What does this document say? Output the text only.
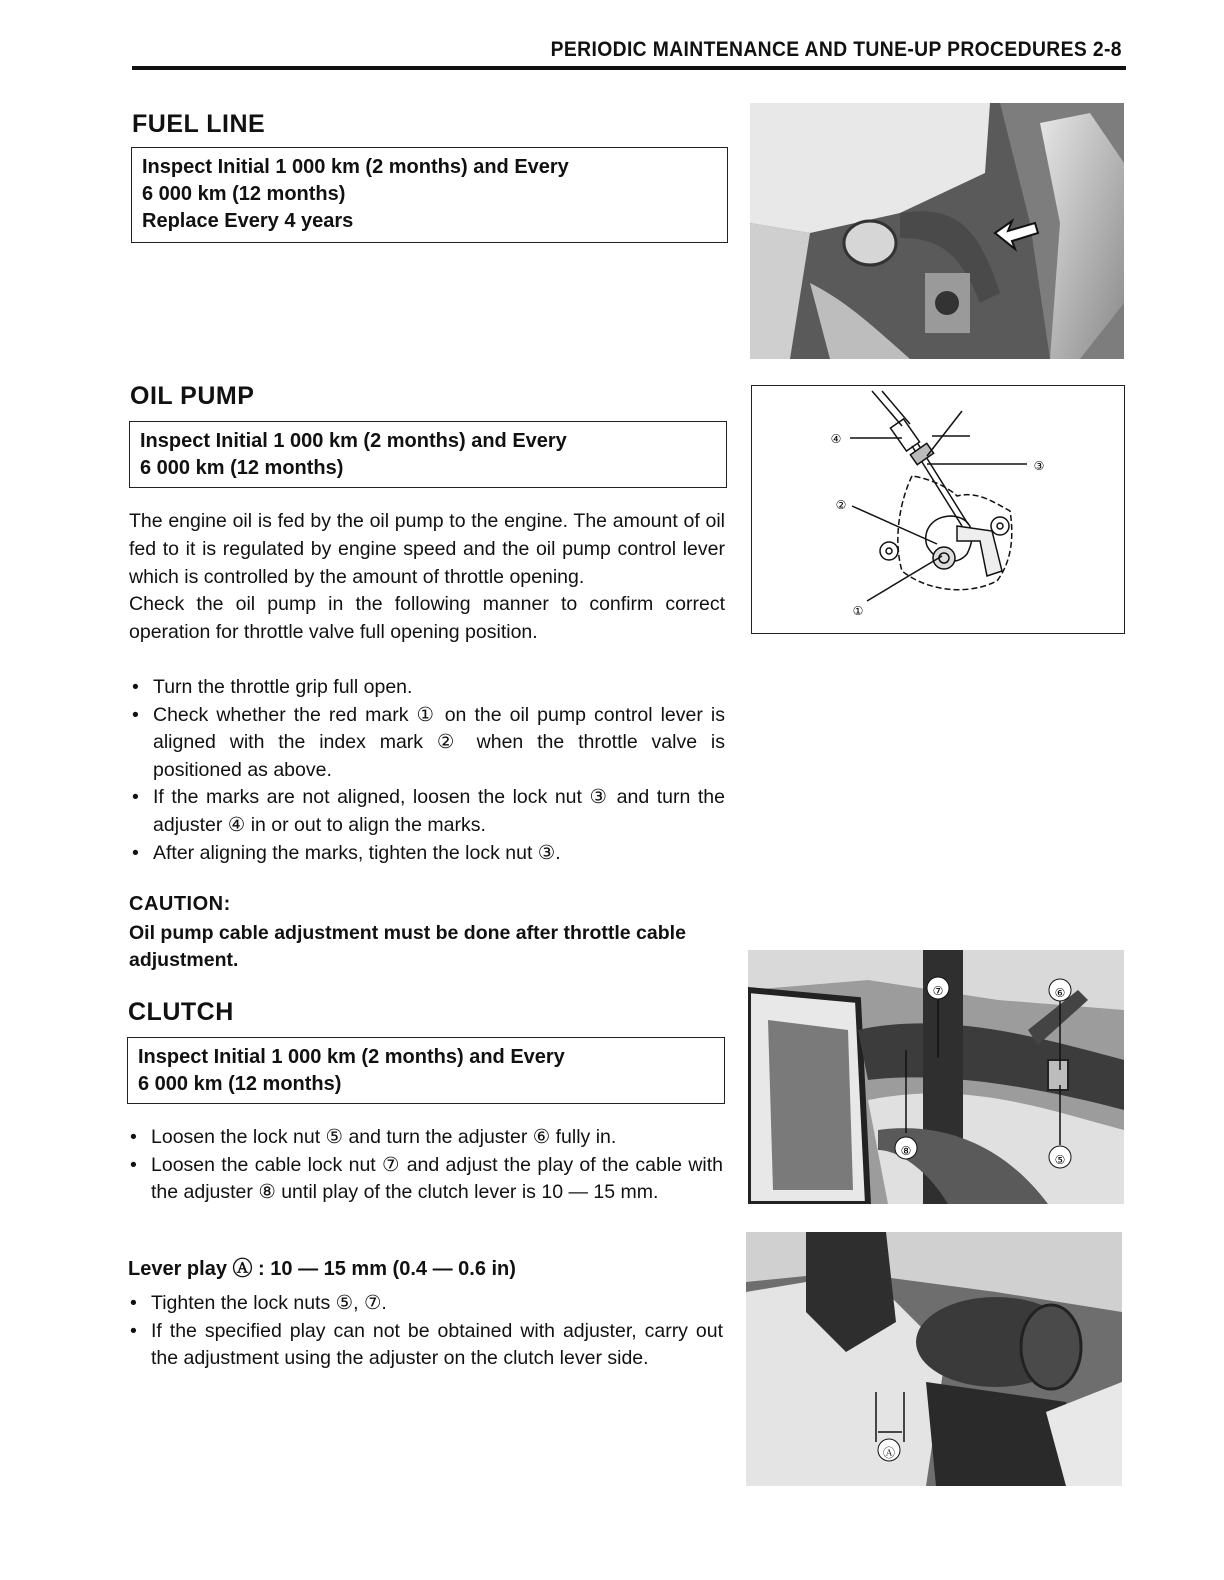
PERIODIC MAINTENANCE AND TUNE-UP PROCEDURES 2-8
FUEL LINE
Inspect Initial 1 000 km (2 months) and Every
6 000 km (12 months)
Replace Every 4 years
OIL PUMP
Inspect Initial 1 000 km (2 months) and Every
6 000 km (12 months)

The engine oil is fed by the oil pump to the engine. The amount of oil fed to it is regulated by engine speed and the oil pump control lever which is controlled by the amount of throttle opening.

Check the oil pump in the following manner to confirm correct operation for throttle valve full opening position.

• Turn the throttle grip full open.
• Check whether the red mark ① on the oil pump control lever is aligned with the index mark ② when the throttle valve is positioned as above.
• If the marks are not aligned, loosen the lock nut ③ and turn the adjuster ④ in or out to align the marks.
• After aligning the marks, tighten the lock nut ③.
CAUTION:
Oil pump cable adjustment must be done after throttle cable adjustment.
④
③
②
①
CLUTCH
Inspect Initial 1 000 km (2 months) and Every
6 000 km (12 months)
• Loosen the lock nut ⑤ and turn the adjuster ⑥ fully in.
• Loosen the cable lock nut ⑦ and adjust the play of the cable with the adjuster ⑧ until play of the clutch lever is 10 — 15 mm.
Lever play Ⓐ : 10 — 15 mm (0.4 — 0.6 in)
• Tighten the lock nuts ⑤, ⑦.
• If the specified play can not be obtained with adjuster, carry out the adjustment using the adjuster on the clutch lever side.
⑦	⑥
⑧
⑤
Ⓐ
